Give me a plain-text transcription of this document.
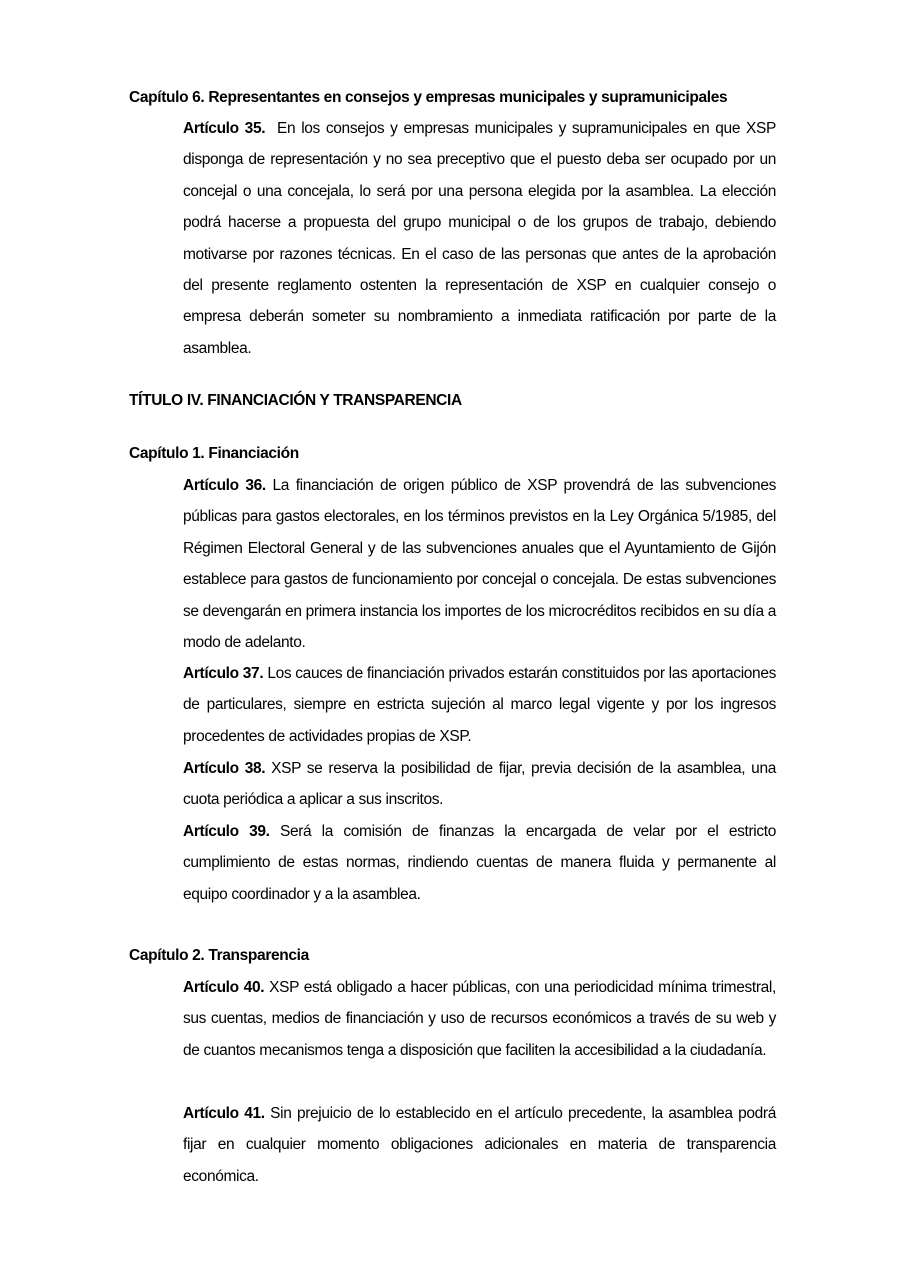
Capítulo 6. Representantes en consejos y empresas municipales y supramunicipales
Artículo 35. En los consejos y empresas municipales y supramunicipales en que XSP disponga de representación y no sea preceptivo que el puesto deba ser ocupado por un concejal o una concejala, lo será por una persona elegida por la asamblea. La elección podrá hacerse a propuesta del grupo municipal o de los grupos de trabajo, debiendo motivarse por razones técnicas. En el caso de las personas que antes de la aprobación del presente reglamento ostenten la representación de XSP en cualquier consejo o empresa deberán someter su nombramiento a inmediata ratificación por parte de la asamblea.
TÍTULO IV. FINANCIACIÓN Y TRANSPARENCIA
Capítulo 1. Financiación
Artículo 36. La financiación de origen público de XSP provendrá de las subvenciones públicas para gastos electorales, en los términos previstos en la Ley Orgánica 5/1985, del Régimen Electoral General y de las subvenciones anuales que el Ayuntamiento de Gijón establece para gastos de funcionamiento por concejal o concejala. De estas subvenciones se devengarán en primera instancia los importes de los microcréditos recibidos en su día a modo de adelanto.
Artículo 37. Los cauces de financiación privados estarán constituidos por las aportaciones de particulares, siempre en estricta sujeción al marco legal vigente y por los ingresos procedentes de actividades propias de XSP.
Artículo 38. XSP se reserva la posibilidad de fijar, previa decisión de la asamblea, una cuota periódica a aplicar a sus inscritos.
Artículo 39. Será la comisión de finanzas la encargada de velar por el estricto cumplimiento de estas normas, rindiendo cuentas de manera fluida y permanente al equipo coordinador y a la asamblea.
Capítulo 2. Transparencia
Artículo 40. XSP está obligado a hacer públicas, con una periodicidad mínima trimestral, sus cuentas, medios de financiación y uso de recursos económicos a través de su web y de cuantos mecanismos tenga a disposición que faciliten la accesibilidad a la ciudadanía.
Artículo 41. Sin prejuicio de lo establecido en el artículo precedente, la asamblea podrá fijar en cualquier momento obligaciones adicionales en materia de transparencia económica.
